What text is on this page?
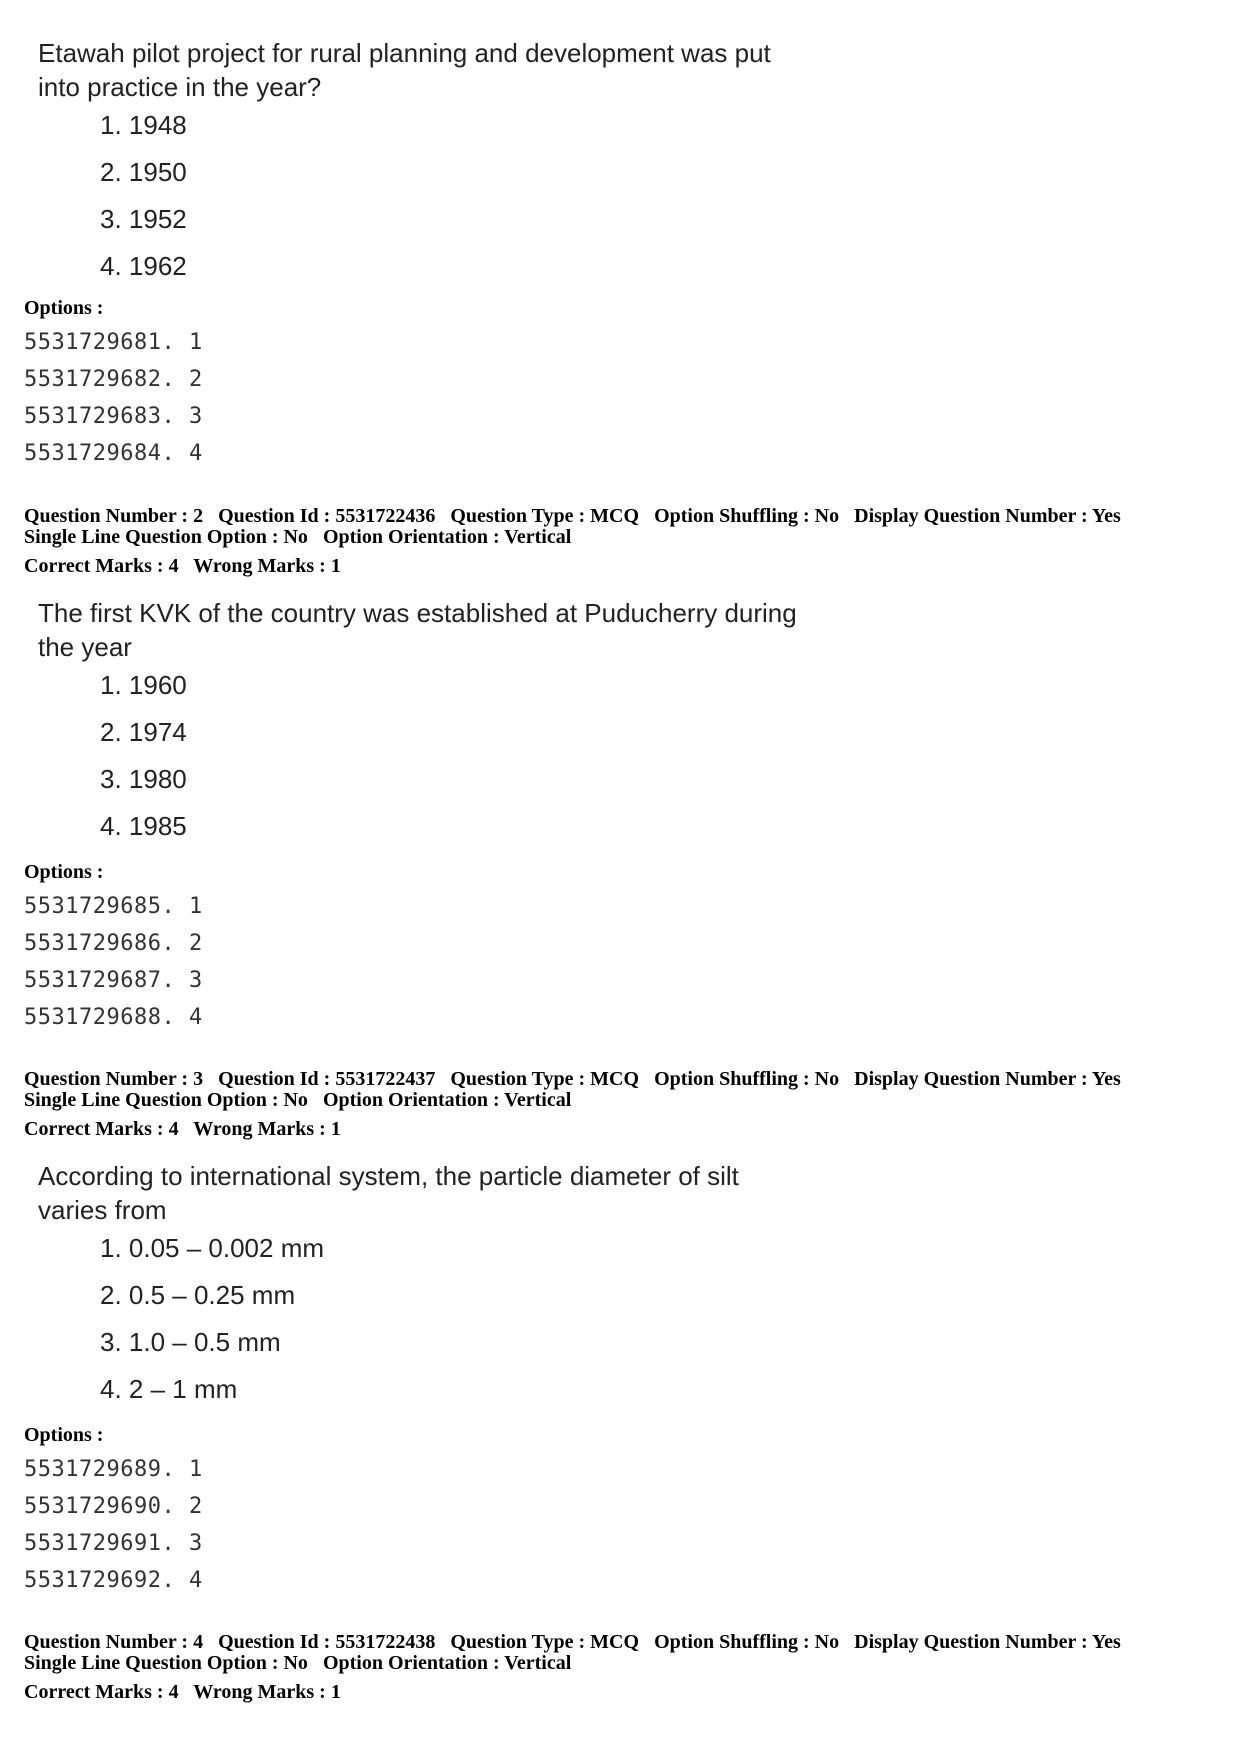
Etawah pilot project for rural planning and development was put into practice in the year?

1. 1948
2. 1950
3. 1952
4. 1962
Options :
5531729681. 1
5531729682. 2
5531729683. 3
5531729684. 4
Question Number : 2 Question Id : 5531722436 Question Type : MCQ Option Shuffling : No Display Question Number : Yes
Single Line Question Option : No Option Orientation : Vertical
Correct Marks : 4 Wrong Marks : 1

The first KVK of the country was established at Puducherry during the year

1. 1960
2. 1974
3. 1980
4. 1985
Options :
5531729685. 1
5531729686. 2
5531729687. 3
5531729688. 4
Question Number : 3 Question Id : 5531722437 Question Type : MCQ Option Shuffling : No Display Question Number : Yes
Single Line Question Option : No Option Orientation : Vertical
Correct Marks : 4 Wrong Marks : 1

According to international system, the particle diameter of silt varies from

1. 0.05 – 0.002 mm
2. 0.5 – 0.25 mm
3. 1.0 – 0.5 mm
4. 2 – 1 mm
Options :
5531729689. 1
5531729690. 2
5531729691. 3
5531729692. 4
Question Number : 4 Question Id : 5531722438 Question Type : MCQ Option Shuffling : No Display Question Number : Yes
Single Line Question Option : No Option Orientation : Vertical
Correct Marks : 4 Wrong Marks : 1
